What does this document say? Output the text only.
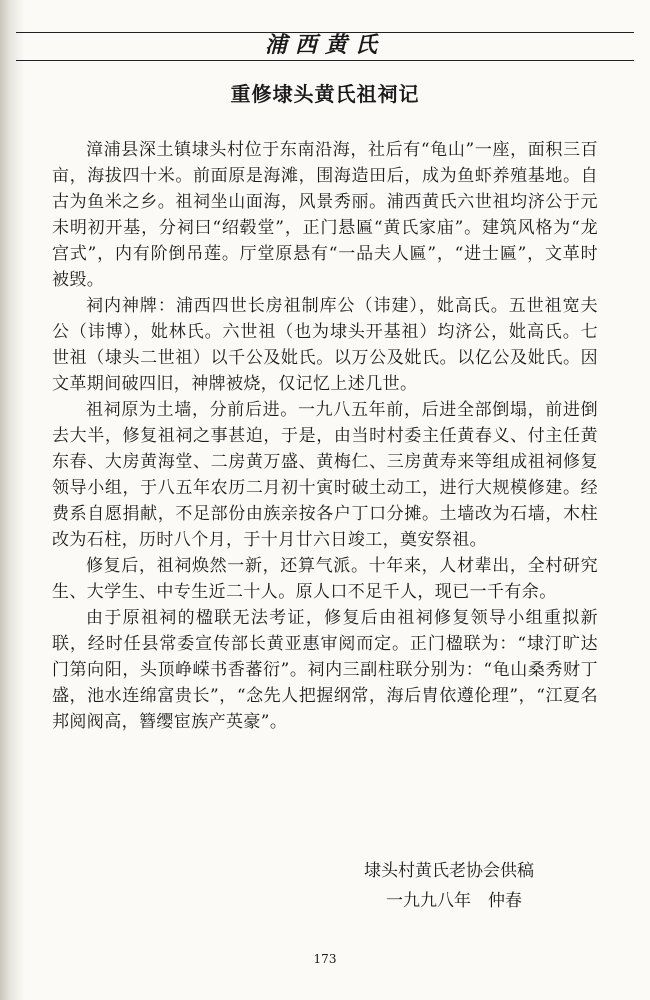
浦西黄氏
重修埭头黄氏祖祠记

漳浦县深土镇埭头村位于东南沿海，社后有“龟山”一座，面积三百亩，海拔四十米。前面原是海滩，围海造田后，成为鱼虾养殖基地。自古为鱼米之乡。祖祠坐山面海，风景秀丽。浦西黄氏六世祖均济公于元未明初开基，分祠曰“绍毂堂”，正门悬匾“黄氏家庙”。建筑风格为“龙宫式”，内有阶倒吊莲。厅堂原悬有“一品夫人匾”，“进士匾”，文革时被毁。

祠内神牌：浦西四世长房祖制库公（讳建），妣高氏。五世祖宽夫公（讳博），妣林氏。六世祖（也为埭头开基祖）均济公，妣高氏。七世祖（埭头二世祖）以千公及妣氏。以万公及妣氏。以亿公及妣氏。因文革期间破四旧，神牌被烧，仅记忆上述几世。

祖祠原为土墙，分前后进。一九八五年前，后进全部倒塌，前进倒去大半，修复祖祠之事甚迫，于是，由当时村委主任黄春义、付主任黄东春、大房黄海堂、二房黄万盛、黄梅仁、三房黄寿来等组成祖祠修复领导小组，于八五年农历二月初十寅时破土动工，进行大规模修建。经费系自愿捐献，不足部份由族亲按各户丁口分摊。土墙改为石墙，木柱改为石柱，历时八个月，于十月廿六日竣工，奠安祭祖。

修复后，祖祠焕然一新，还算气派。十年来，人材辈出，全村研究生、大学生、中专生近二十人。原人口不足千人，现已一千有余。

由于原祖祠的楹联无法考证，修复后由祖祠修复领导小组重拟新联，经时任县常委宣传部长黄亚惠审阅而定。正门楹联为：“埭汀旷达门第向阳，头顶峥嵘书香蕃衍”。祠内三副柱联分别为：“龟山桑秀财丁盛，池水连绵富贵长”，“念先人把握纲常，海后胄依遵伦理”，“江夏名邦阅阀高，簪缨宦族产英豪”。

埭头村黄氏老协会供稿
一九九八年　仲春
173
